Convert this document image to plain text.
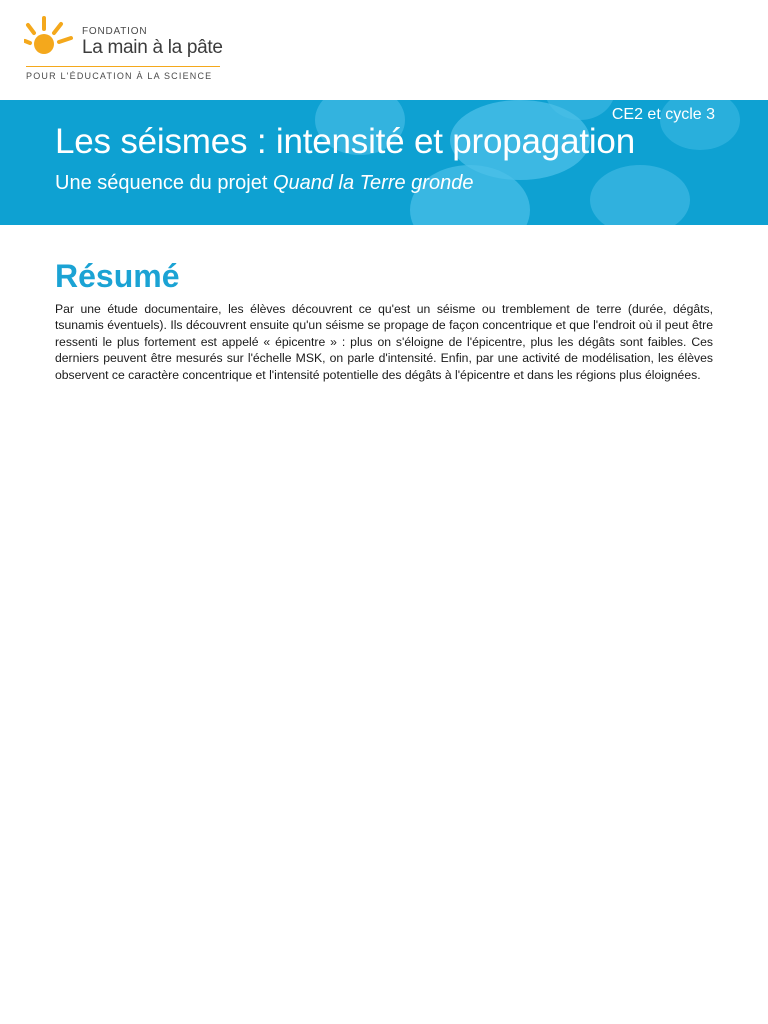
FONDATION
La main à la pâte
POUR L'ÉDUCATION À LA SCIENCE
CE2 et cycle 3
Les séismes : intensité et propagation
Une séquence du projet Quand la Terre gronde
Résumé

Par une étude documentaire, les élèves découvrent ce qu'est un séisme ou tremblement de terre (durée, dégâts, tsunamis éventuels). Ils découvrent ensuite qu'un séisme se propage de façon concentrique et que l'endroit où il peut être ressenti le plus fortement est appelé « épicentre » : plus on s'éloigne de l'épicentre, plus les dégâts sont faibles. Ces derniers peuvent être mesurés sur l'échelle MSK, on parle d'intensité. Enfin, par une activité de modélisation, les élèves observent ce caractère concentrique et l'intensité potentielle des dégâts à l'épicentre et dans les régions plus éloignées.
